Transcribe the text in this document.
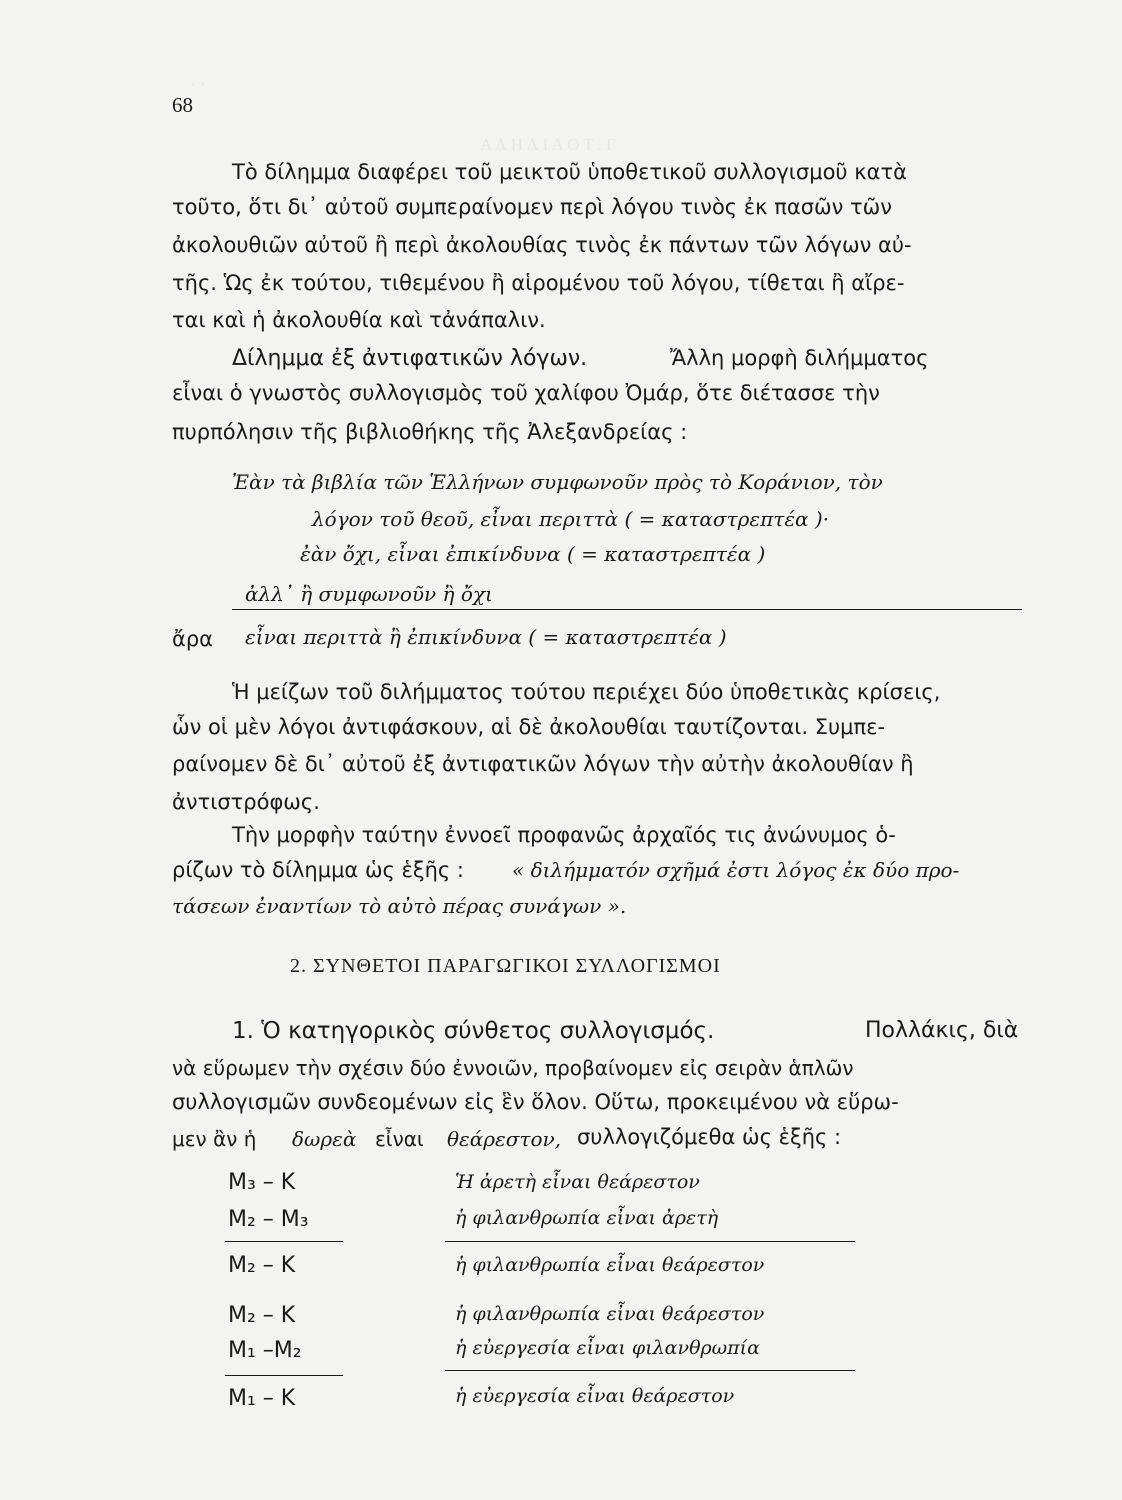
68
Τὸ δίλημμα διαφέρει τοῦ μεικτοῦ ὑποθετικοῦ συλλογισμοῦ κατὰ
τοῦτο, ὅτι δι᾽ αὐτοῦ συμπεραίνομεν περὶ λόγου τινὸς ἐκ πασῶν τῶν
ἀκολουθιῶν αὐτοῦ ἢ περὶ ἀκολουθίας τινὸς ἐκ πάντων τῶν λόγων αὐ-
τῆς. Ὡς ἐκ τούτου, τιθεμένου ἢ αἱρομένου τοῦ λόγου, τίθεται ἢ αἴρε-
ται καὶ ἡ ἀκολουθία καὶ τἀνάπαλιν.
Δίλημμα ἐξ ἀντιφατικῶν λόγων.	Ἄλλη μορφὴ διλήμματος
εἶναι ὁ γνωστὸς συλλογισμὸς τοῦ χαλίφου Ὀμάρ, ὅτε διέτασσε τὴν
πυρπόλησιν τῆς βιβλιοθήκης τῆς Ἀλεξανδρείας :
Ἐὰν τὰ βιβλία τῶν Ἑλλήνων συμφωνοῦν πρὸς τὸ Κοράνιον, τὸν
λόγον τοῦ θεοῦ, εἶναι περιττὰ ( = καταστρεπτέα )·
ἐὰν ὄχι, εἶναι ἐπικίνδυνα ( = καταστρεπτέα )
ἀλλ᾽ ἢ συμφωνοῦν ἢ ὄχι
ἄρα εἶναι περιττὰ ἢ ἐπικίνδυνα ( = καταστρεπτέα )
Ἡ μείζων τοῦ διλήμματος τούτου περιέχει δύο ὑποθετικὰς κρίσεις,
ὧν οἱ μὲν λόγοι ἀντιφάσκουν, αἱ δὲ ἀκολουθίαι ταυτίζονται. Συμπε-
ραίνομεν δὲ δι᾽ αὐτοῦ ἐξ ἀντιφατικῶν λόγων τὴν αὐτὴν ἀκολουθίαν ἢ
ἀντιστρόφως.
Τὴν μορφὴν ταύτην ἐννοεῖ προφανῶς ἀρχαῖός τις ἀνώνυμος ὁ-
ρίζων τὸ δίλημμα ὡς ἑξῆς : « διλήμματόν σχῆμά ἐστι λόγος ἐκ δύο προ-
τάσεων ἐναντίων τὸ αὐτὸ πέρας συνάγων ».
2. ΣΥΝΘΕΤΟΙ ΠΑΡΑΓΩΓΙΚΟΙ ΣΥΛΛΟΓΙΣΜΟΙ
1. Ὁ κατηγορικὸς σύνθετος συλλογισμός.	Πολλάκις, διὰ
νὰ εὕρωμεν τὴν σχέσιν δύο ἐννοιῶν, προβαίνομεν εἰς σειρὰν ἁπλῶν
συλλογισμῶν συνδεομένων εἰς ἓν ὅλον. Οὕτω, προκειμένου νὰ εὕρω-
μεν ἂν ἡ δωρεὰ εἶναι θεάρεστον, συλλογιζόμεθα ὡς ἑξῆς :
M₃ – K	Ἡ ἀρετὴ εἶναι θεάρεστον
M₂ – M₃	ἡ φιλανθρωπία εἶναι ἀρετὴ
M₂ – K	ἡ φιλανθρωπία εἶναι θεάρεστον
M₂ – K	ἡ φιλανθρωπία εἶναι θεάρεστον
M₁ –M₂	ἡ εὐεργεσία εἶναι φιλανθρωπία
M₁ – K	ἡ εὐεργεσία εἶναι θεάρεστον
